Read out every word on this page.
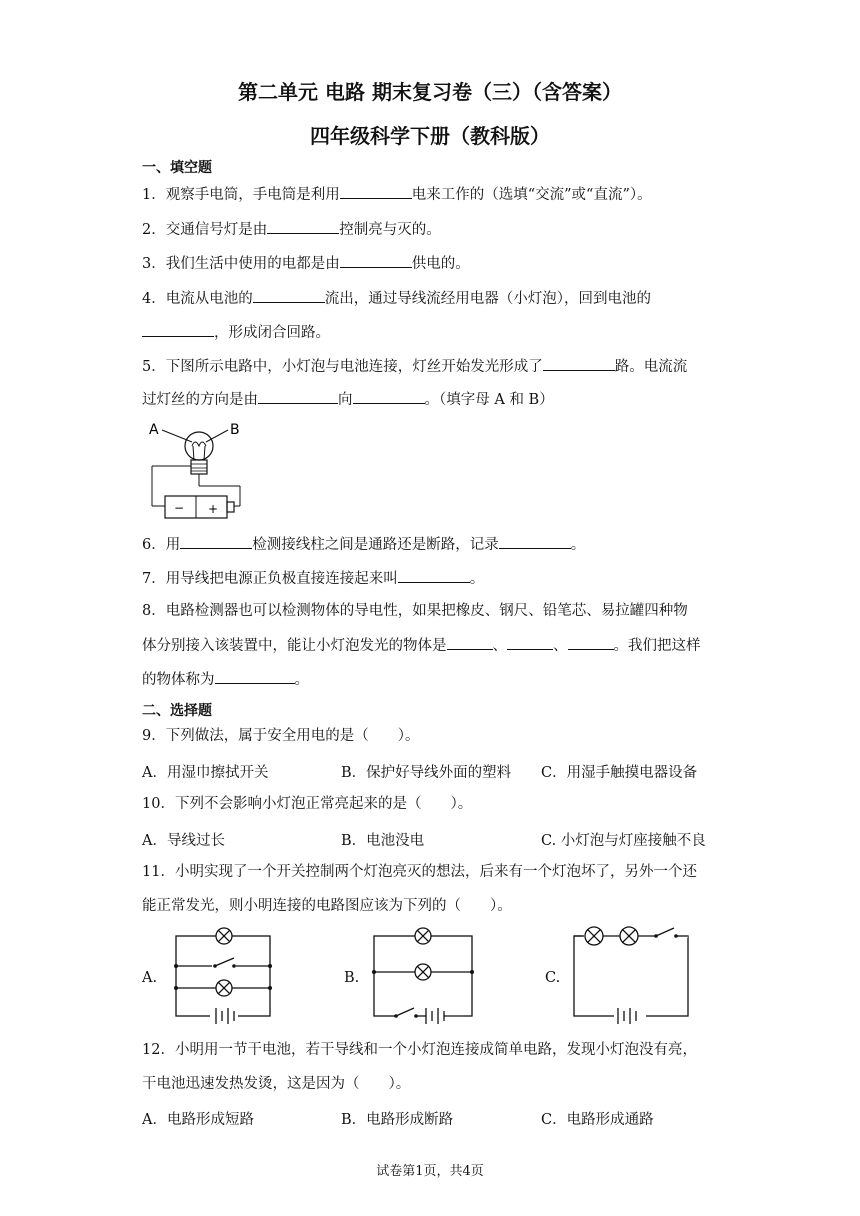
第二单元 电路 期末复习卷（三）（含答案）
四年级科学下册（教科版）
一、填空题
1．观察手电筒，手电筒是利用	电来工作的（选填“交流”或“直流”）。
2．交通信号灯是由	控制亮与灭的。
3．我们生活中使用的电都是由	供电的。
4．电流从电池的	流出，通过导线流经用电器（小灯泡），回到电池的
，形成闭合回路。
5．下图所示电路中，小灯泡与电池连接，灯丝开始发光形成了	路。电流流
过灯丝的方向是由	向	。（填字母 A 和 B）
A	B
− +
6．用	检测接线柱之间是通路还是断路，记录	。
7．用导线把电源正负极直接连接起来叫	。
8．电路检测器也可以检测物体的导电性，如果把橡皮、钢尺、铅笔芯、易拉罐四种物
体分别接入该装置中，能让小灯泡发光的物体是	、	、	。我们把这样
的物体称为	。
二、选择题
9．下列做法，属于安全用电的是（　　）。
A．用湿巾擦拭开关	B．保护好导线外面的塑料 C．用湿手触摸电器设备
10．下列不会影响小灯泡正常亮起来的是（　　）。
A．导线过长	B．电池没电	C. 小灯泡与灯座接触不良
11．小明实现了一个开关控制两个灯泡亮灭的想法，后来有一个灯泡坏了，另外一个还
能正常发光，则小明连接的电路图应该为下列的（　　）。
A.	B.	C.
12．小明用一节干电池，若干导线和一个小灯泡连接成简单电路，发现小灯泡没有亮，
干电池迅速发热发烫，这是因为（　　）。
A．电路形成短路	B．电路形成断路	C．电路形成通路
试卷第1页，共4页
